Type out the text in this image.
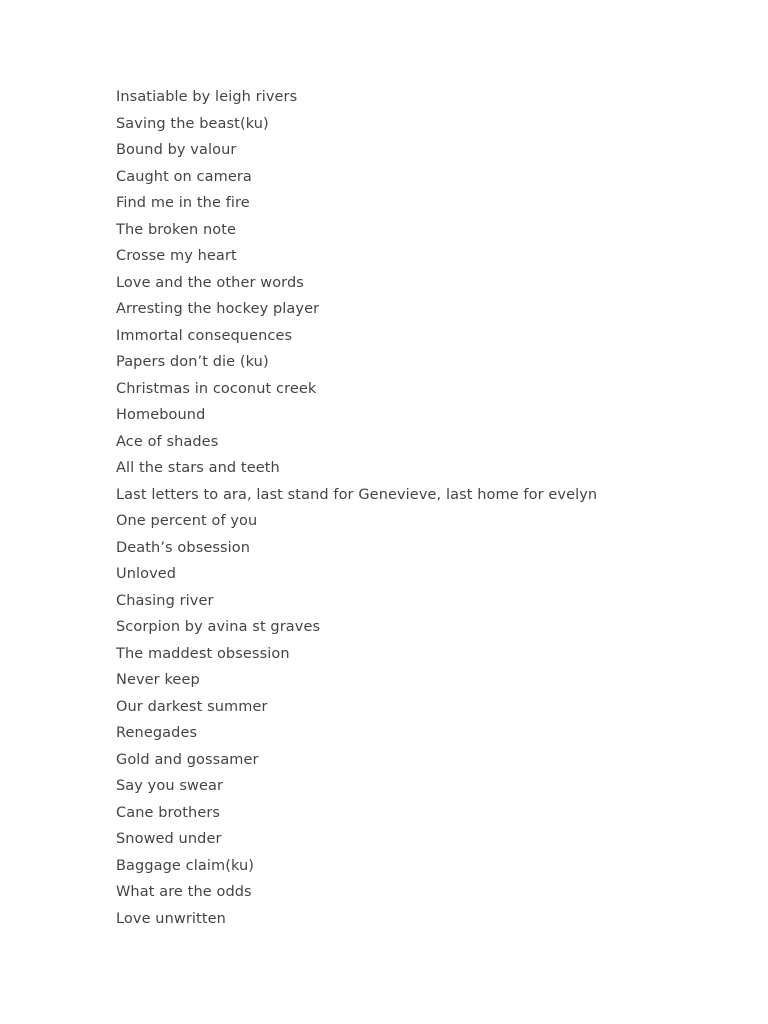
Insatiable by leigh rivers
Saving the beast(ku)
Bound by valour
Caught on camera
Find me in the fire
The broken note
Crosse my heart
Love and the other words
Arresting the hockey player
Immortal consequences
Papers don’t die (ku)
Christmas in coconut creek
Homebound
Ace of shades
All the stars and teeth
Last letters to ara, last stand for Genevieve, last home for evelyn
One percent of you
Death’s obsession
Unloved
Chasing river
Scorpion by avina st graves
The maddest obsession
Never keep
Our darkest summer
Renegades
Gold and gossamer
Say you swear
Cane brothers
Snowed under
Baggage claim(ku)
What are the odds
Love unwritten
